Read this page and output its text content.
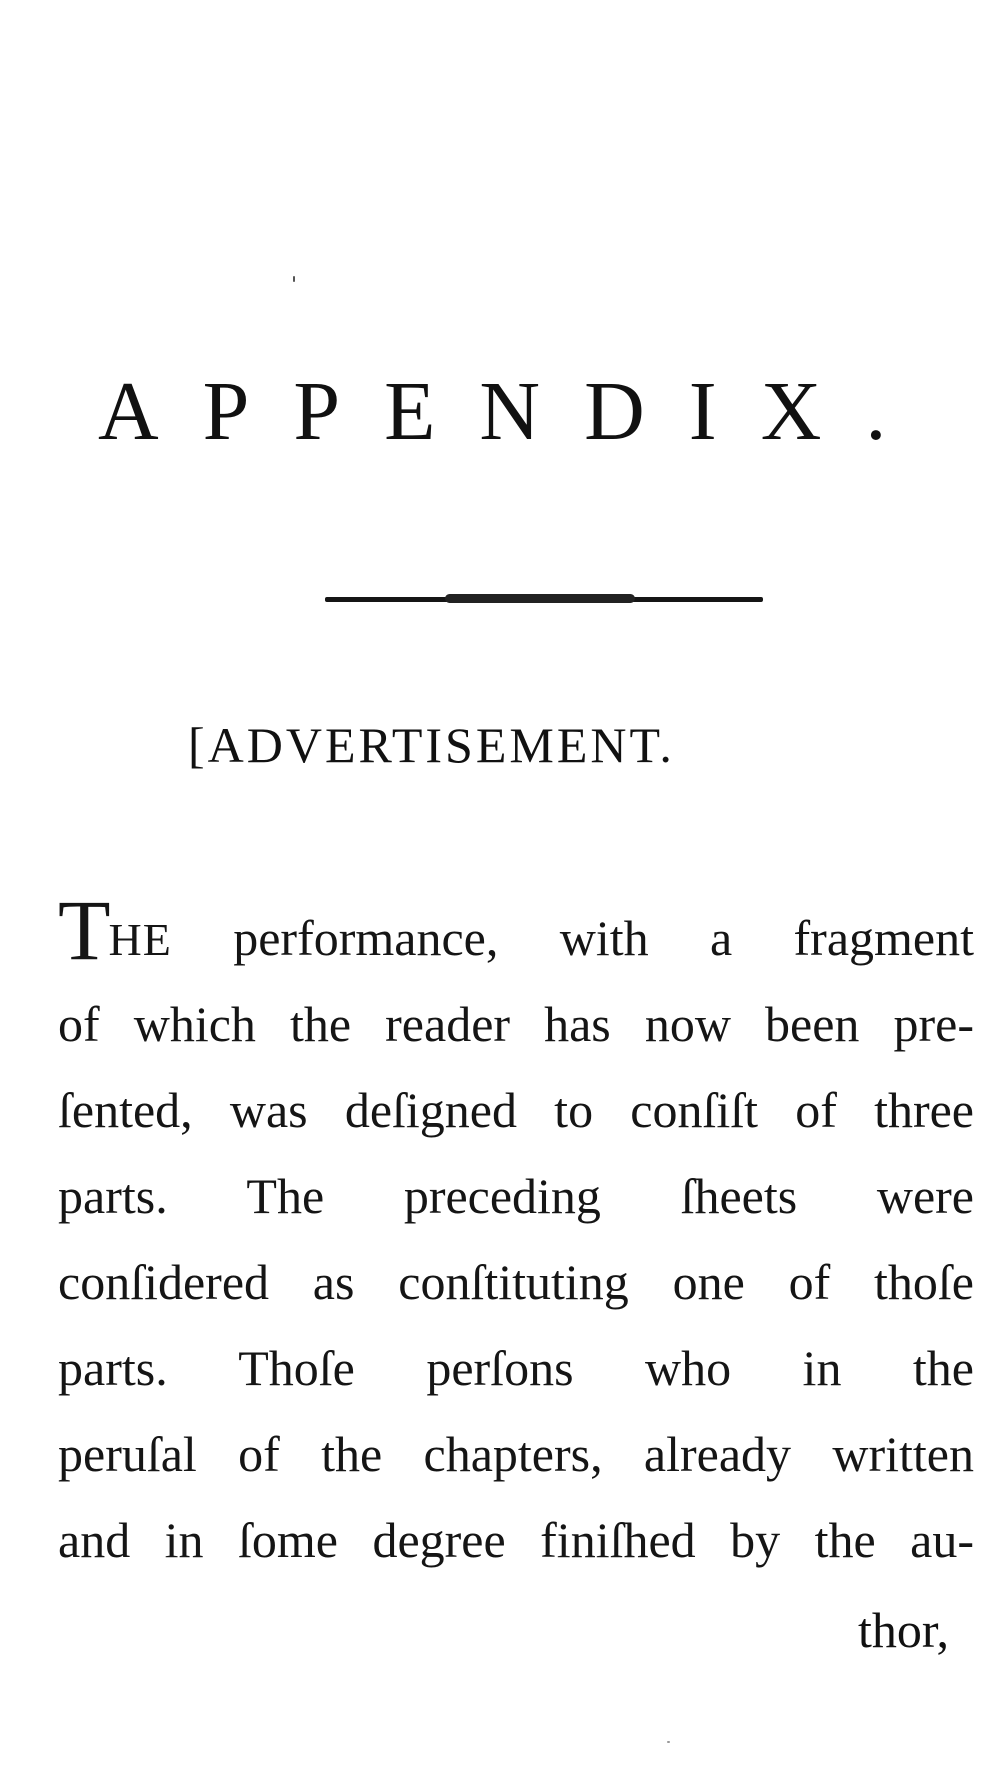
APPENDIX.
[ADVERTISEMENT.
THE performance, with a fragment
of which the reader has now been pre-
ſented, was deſigned to conſiſt of three
parts. The preceding ſheets were
conſidered as conſtituting one of thoſe
parts. Thoſe perſons who in the
peruſal of the chapters, already written
and in ſome degree finiſhed by the au-
thor,
